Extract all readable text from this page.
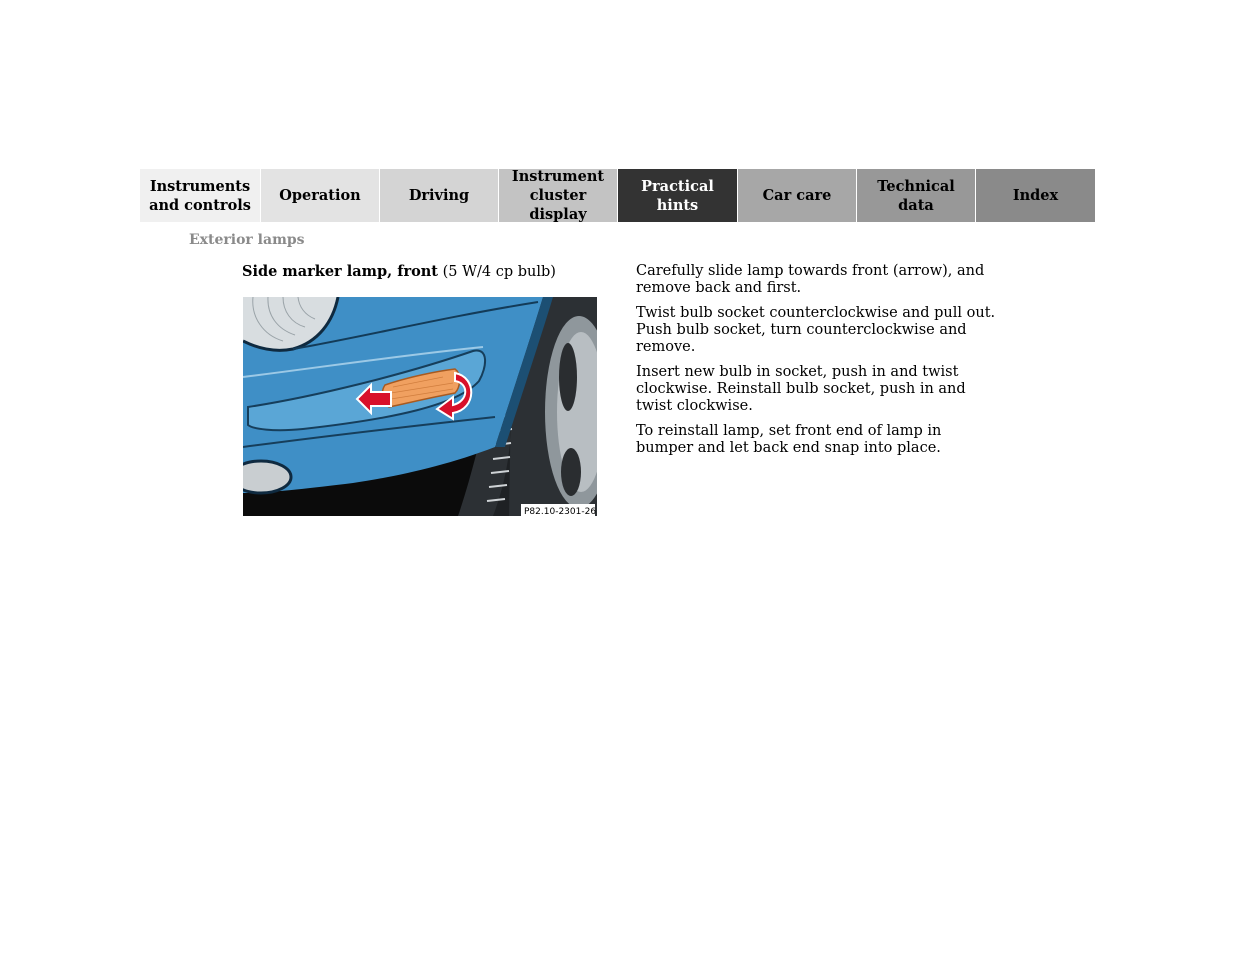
Instruments
and controls
Operation	Driving
Instrument
cluster display
Practical hints
Car care
Technical
data
Index
Exterior lamps
Side marker lamp, front (5 W/4 cp bulb)
P82.10-2301-26

Carefully slide lamp towards front (arrow), and remove back and first.

Twist bulb socket counterclockwise and pull out. Push bulb socket, turn counterclockwise and remove.

Insert new bulb in socket, push in and twist clockwise. Reinstall bulb socket, push in and twist clockwise.

To reinstall lamp, set front end of lamp in bumper and let back end snap into place.
